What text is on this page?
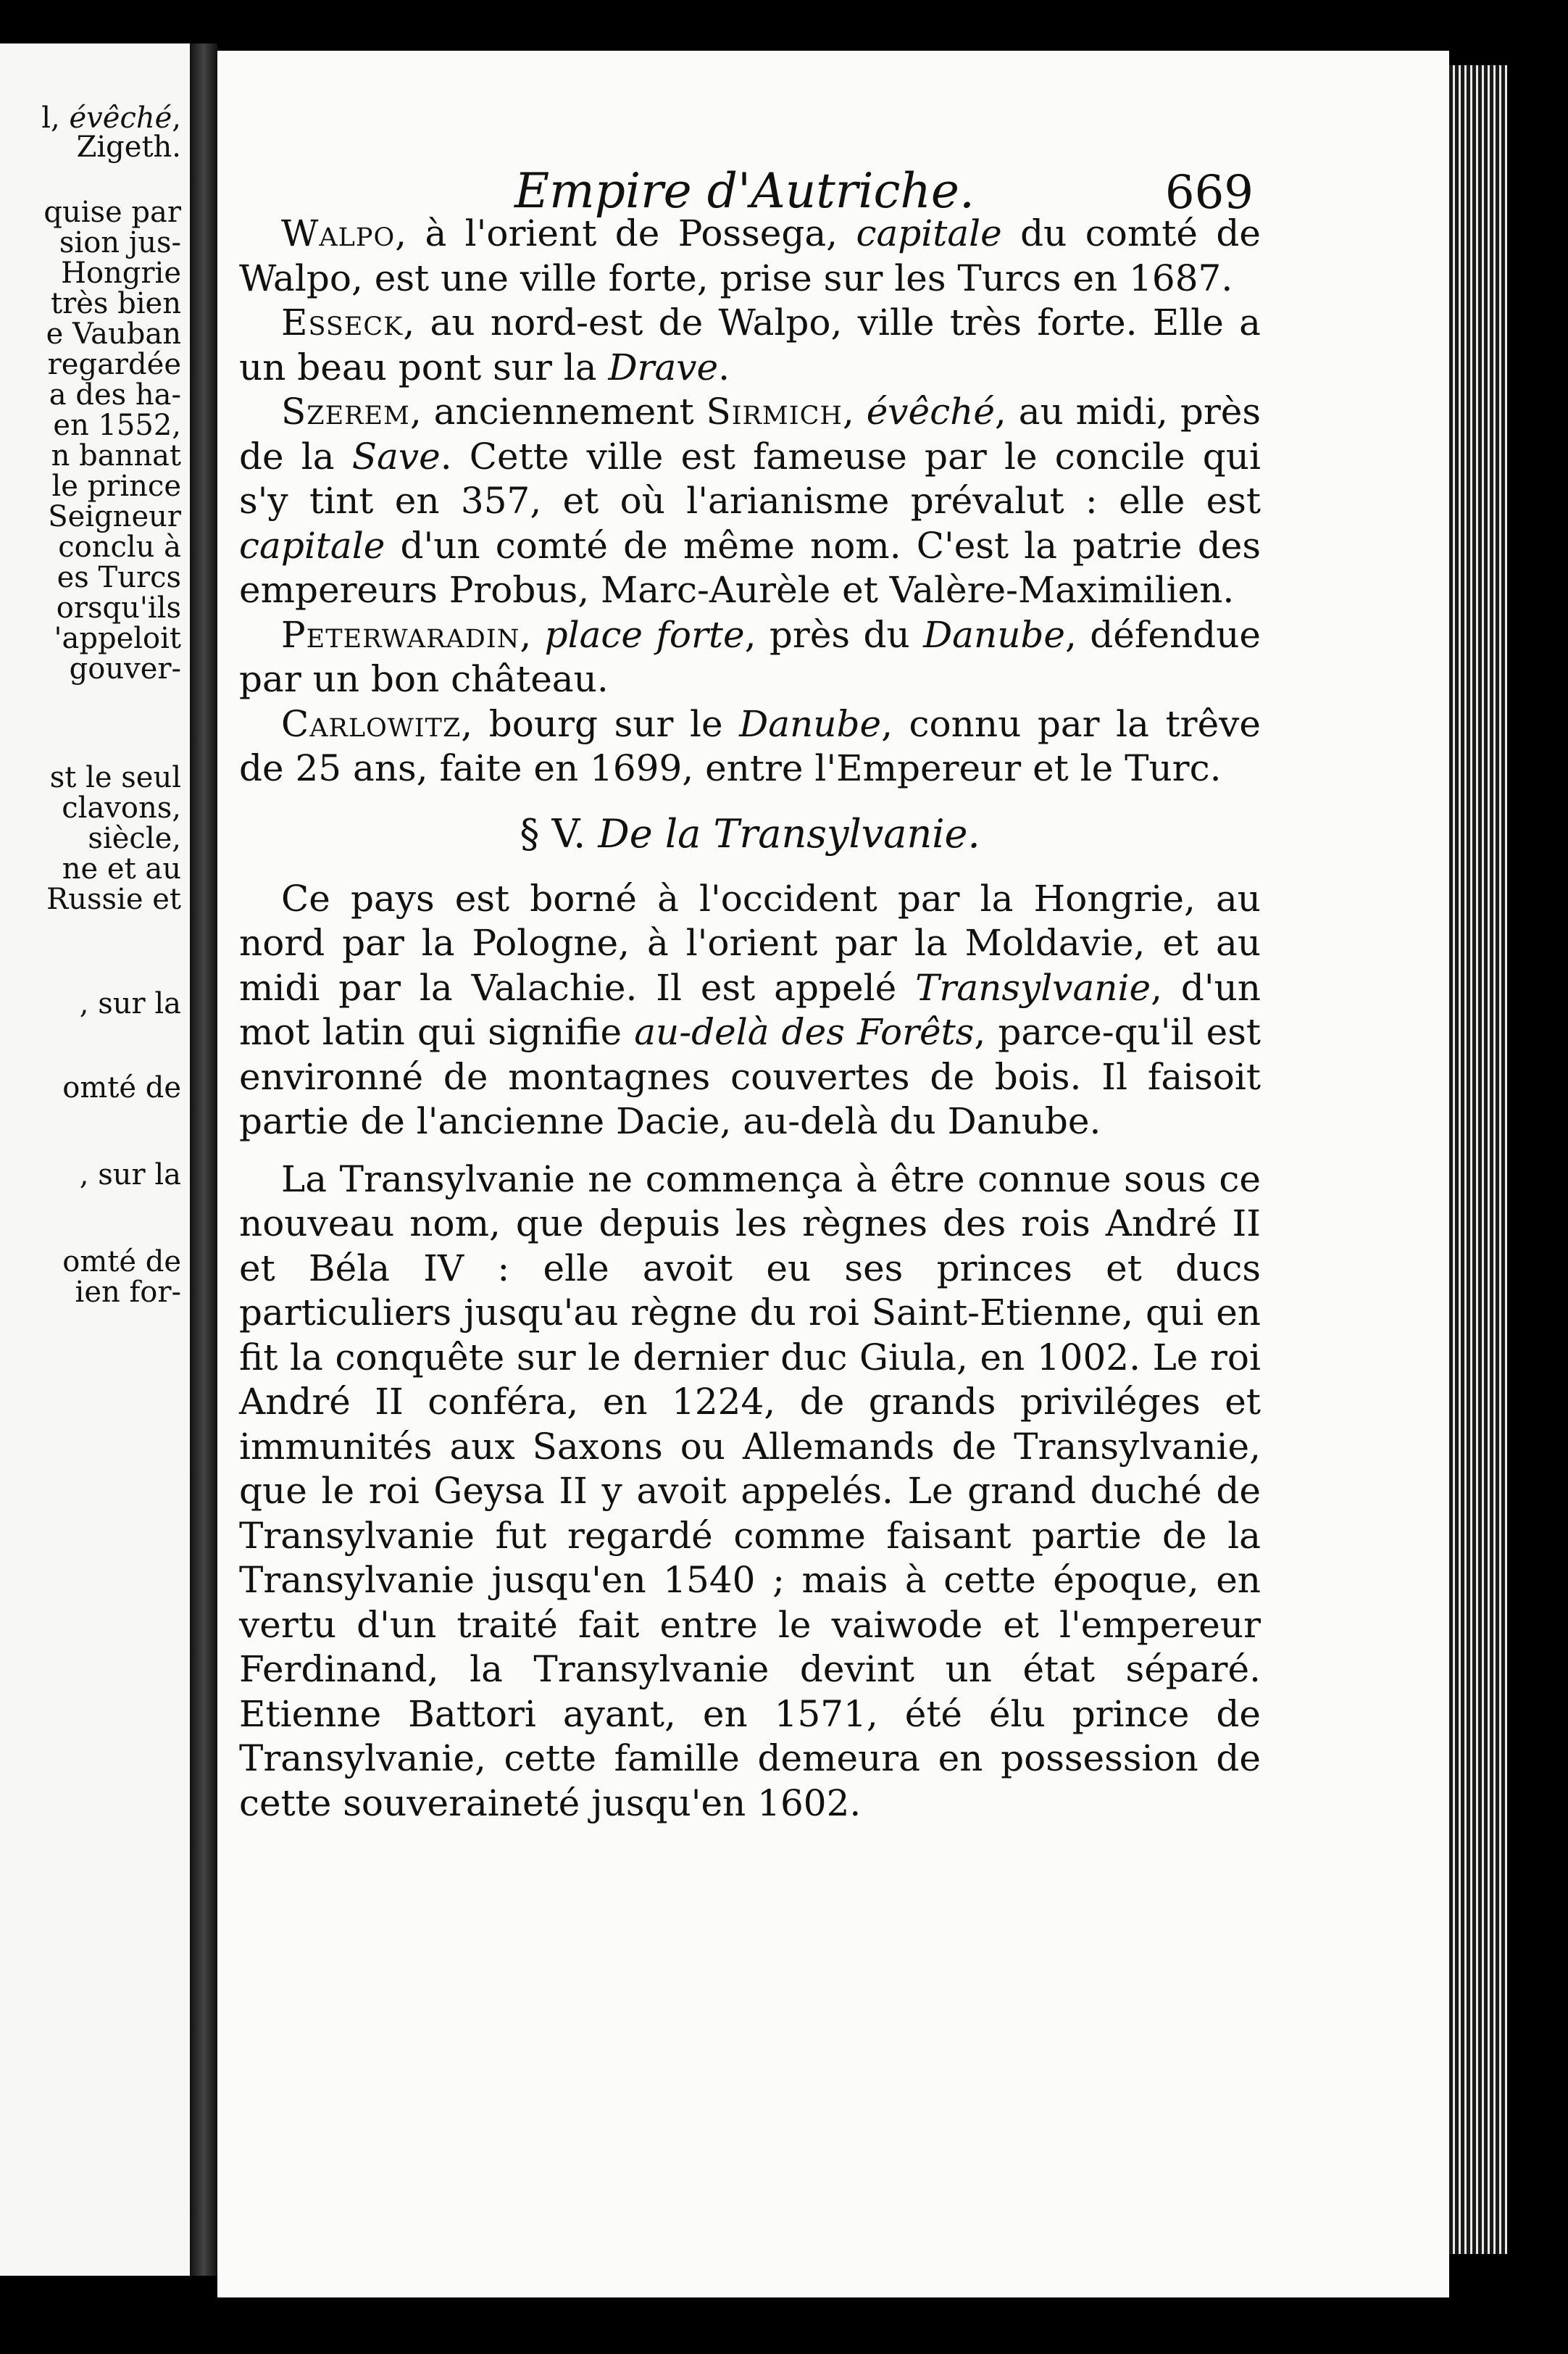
l, évêché,
Zigeth.
quise par
sion jus-
Hongrie
très bien
e Vauban
regardée
a des ha-
en 1552,
n bannat
le prince
Seigneur
conclu à
es Turcs
orsqu'ils
'appeloit
gouver-
st le seul
clavons,
siècle,
ne et au
Russie et
, sur la
omté de
, sur la
omté de
ien for-
Empire d'Autriche.	669

Walpo, à l'orient de Possega, capitale du comté de Walpo, est une ville forte, prise sur les Turcs en 1687.

Esseck, au nord-est de Walpo, ville très forte. Elle a un beau pont sur la Drave.

Szerem, anciennement Sirmich, évêché, au midi, près de la Save. Cette ville est fameuse par le concile qui s'y tint en 357, et où l'arianisme prévalut : elle est capitale d'un comté de même nom. C'est la patrie des empereurs Probus, Marc-Aurèle et Valère-Maximilien.

Peterwaradin, place forte, près du Danube, défendue par un bon château.

Carlowitz, bourg sur le Danube, connu par la trêve de 25 ans, faite en 1699, entre l'Empereur et le Turc.

§ V. De la Transylvanie.

Ce pays est borné à l'occident par la Hongrie, au nord par la Pologne, à l'orient par la Moldavie, et au midi par la Valachie. Il est appelé Transylvanie, d'un mot latin qui signifie au-delà des Forêts, parce-qu'il est environné de montagnes couvertes de bois. Il faisoit partie de l'ancienne Dacie, au-delà du Danube.

La Transylvanie ne commença à être connue sous ce nouveau nom, que depuis les règnes des rois André II et Béla IV : elle avoit eu ses princes et ducs particuliers jusqu'au règne du roi Saint-Etienne, qui en fit la conquête sur le dernier duc Giula, en 1002. Le roi André II conféra, en 1224, de grands priviléges et immunités aux Saxons ou Allemands de Transylvanie, que le roi Geysa II y avoit appelés. Le grand duché de Transylvanie fut regardé comme faisant partie de la Transylvanie jusqu'en 1540 ; mais à cette époque, en vertu d'un traité fait entre le vaiwode et l'empereur Ferdinand, la Transylvanie devint un état séparé. Etienne Battori ayant, en 1571, été élu prince de Transylvanie, cette famille demeura en possession de cette souveraineté jusqu'en 1602.
